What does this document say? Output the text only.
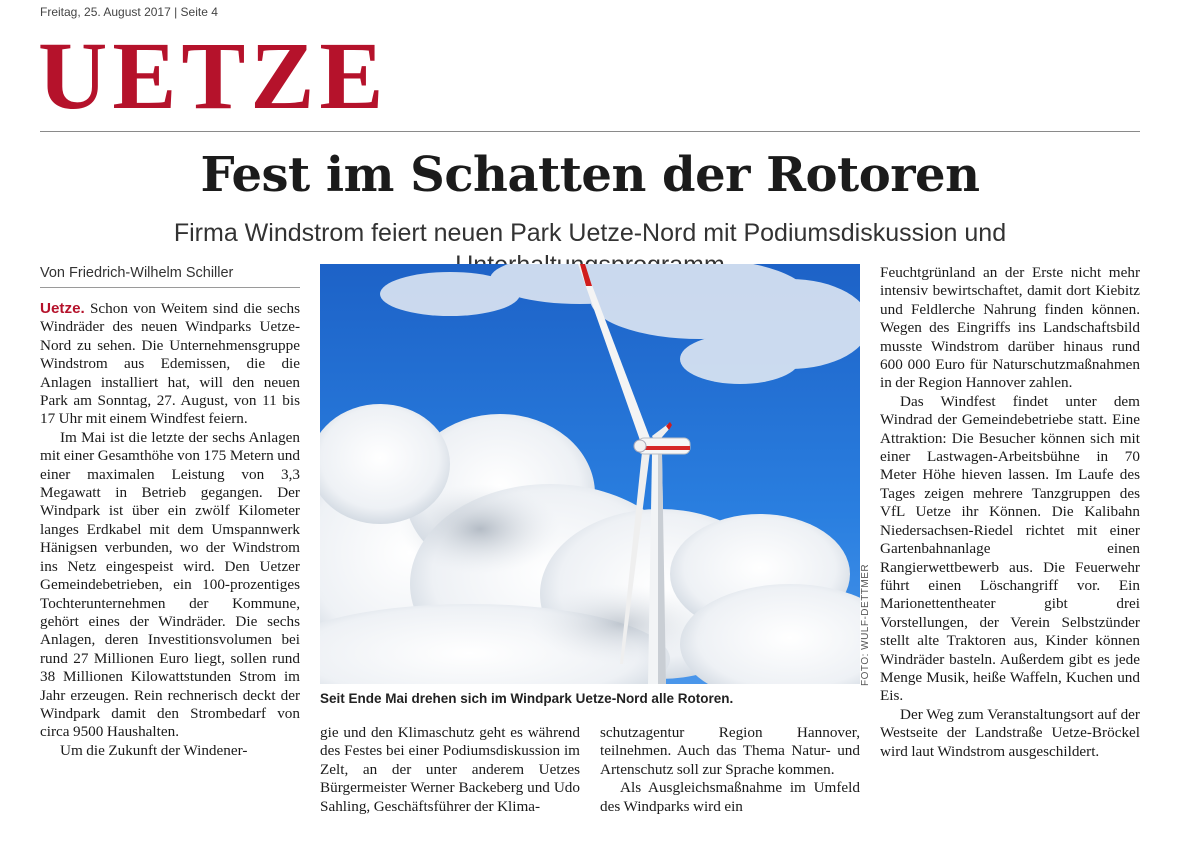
Freitag, 25. August 2017 | Seite 4
UETZE
Fest im Schatten der Rotoren
Firma Windstrom feiert neuen Park Uetze-Nord mit Podiumsdiskussion und
Von Friedrich-Wilhelm Schiller

Uetze. Schon von Weitem sind die sechs Windräder des neuen Windparks Uetze-Nord zu sehen. Die Unternehmensgruppe Windstrom aus Edemissen, die die Anlagen installiert hat, will den neuen Park am Sonntag, 27. August, von 11 bis 17 Uhr mit einem Windfest feiern.

Im Mai ist die letzte der sechs Anlagen mit einer Gesamthöhe von 175 Metern und einer maximalen Leistung von 3,3 Megawatt in Betrieb gegangen. Der Windpark ist über ein zwölf Kilometer langes Erdkabel mit dem Umspannwerk Hänigsen verbunden, wo der Windstrom ins Netz eingespeist wird. Den Uetzer Gemeindebetrieben, ein 100-prozentiges Tochterunternehmen der Kommune, gehört eines der Windräder. Die sechs Anlagen, deren Investitionsvolumen bei rund 27 Millionen Euro liegt, sollen rund 38 Millionen Kilowattstunden Strom im Jahr erzeugen. Rein rechnerisch deckt der Windpark damit den Strombedarf von circa 9500 Haushalten.

Um die Zukunft der Windener-

FOTO: WULF-DETTMER
Seit Ende Mai drehen sich im Windpark Uetze-Nord alle Rotoren.

gie und den Klimaschutz geht es während des Festes bei einer Podiumsdiskussion im Zelt, an der unter anderem Uetzes Bürgermeister Werner Backeberg und Udo Sahling, Geschäftsführer der Klima-

schutzagentur Region Hannover, teilnehmen. Auch das Thema Natur- und Artenschutz soll zur Sprache kommen.

Als Ausgleichsmaßnahme im Umfeld des Windparks wird ein

Feuchtgrünland an der Erste nicht mehr intensiv bewirtschaftet, damit dort Kiebitz und Feldlerche Nahrung finden können. Wegen des Eingriffs ins Landschaftsbild musste Windstrom darüber hinaus rund 600 000 Euro für Naturschutzmaßnahmen in der Region Hannover zahlen.

Das Windfest findet unter dem Windrad der Gemeindebetriebe statt. Eine Attraktion: Die Besucher können sich mit einer Lastwagen-Arbeitsbühne in 70 Meter Höhe hieven lassen. Im Laufe des Tages zeigen mehrere Tanzgruppen des VfL Uetze ihr Können. Die Kalibahn Niedersachsen-Riedel richtet mit einer Gartenbahnanlage einen Rangierwettbewerb aus. Die Feuerwehr führt einen Löschangriff vor. Ein Marionettentheater gibt drei Vorstellungen, der Verein Selbstzünder stellt alte Traktoren aus, Kinder können Windräder basteln. Außerdem gibt es jede Menge Musik, heiße Waffeln, Kuchen und Eis.

Der Weg zum Veranstaltungsort auf der Westseite der Landstraße Uetze-Bröckel wird laut Windstrom ausgeschildert.
